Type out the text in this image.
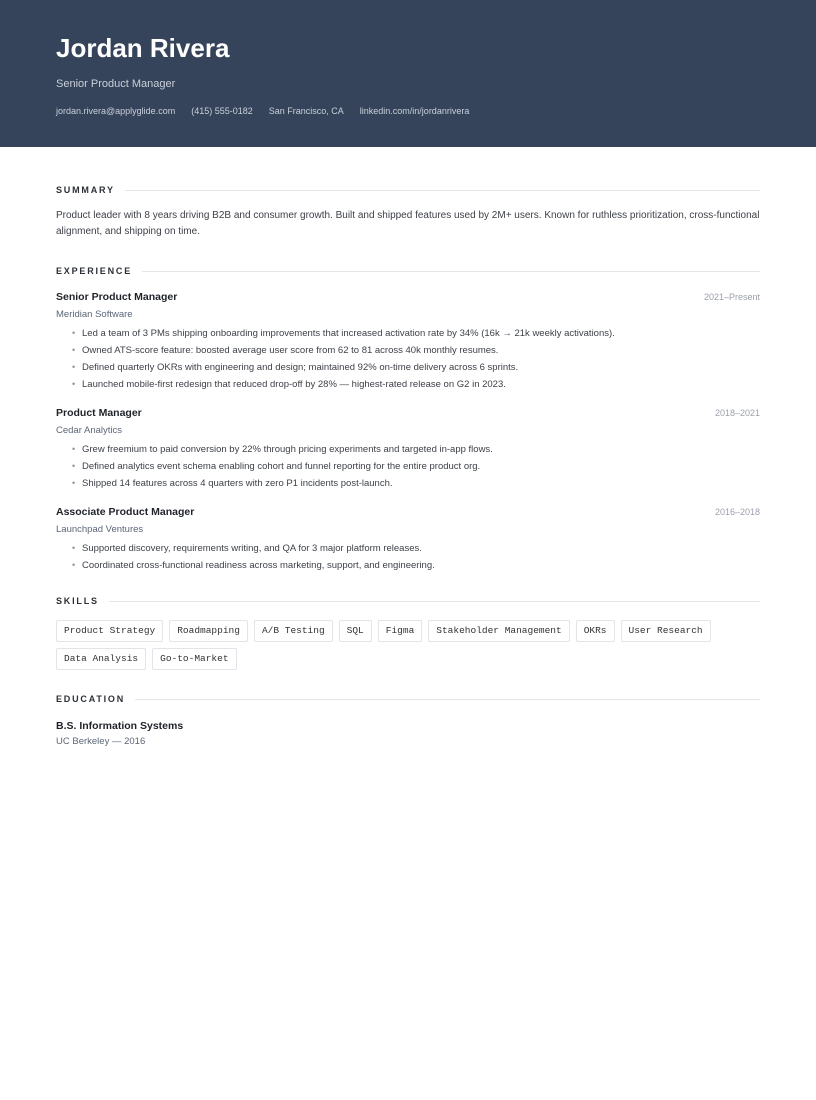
Jordan Rivera
Senior Product Manager
jordan.rivera@applyglide.com (415) 555-0182 San Francisco, CA linkedin.com/in/jordanrivera
SUMMARY
Product leader with 8 years driving B2B and consumer growth. Built and shipped features used by 2M+ users. Known for ruthless prioritization, cross-functional alignment, and shipping on time.
EXPERIENCE
Senior Product Manager	2021–Present
Meridian Software
• Led a team of 3 PMs shipping onboarding improvements that increased activation rate by 34% (16k → 21k weekly activations).
• Owned ATS-score feature: boosted average user score from 62 to 81 across 40k monthly resumes.
• Defined quarterly OKRs with engineering and design; maintained 92% on-time delivery across 6 sprints.
• Launched mobile-first redesign that reduced drop-off by 28% — highest-rated release on G2 in 2023.
Product Manager	2018–2021
Cedar Analytics
• Grew freemium to paid conversion by 22% through pricing experiments and targeted in-app flows.
• Defined analytics event schema enabling cohort and funnel reporting for the entire product org.
• Shipped 14 features across 4 quarters with zero P1 incidents post-launch.
Associate Product Manager	2016–2018
Launchpad Ventures
• Supported discovery, requirements writing, and QA for 3 major platform releases.
• Coordinated cross-functional readiness across marketing, support, and engineering.
SKILLS
Product Strategy	Roadmapping	A/B Testing	SQL	Figma	Stakeholder Management	OKRs	User Research
Data Analysis	Go-to-Market
EDUCATION
B.S. Information Systems
UC Berkeley — 2016
